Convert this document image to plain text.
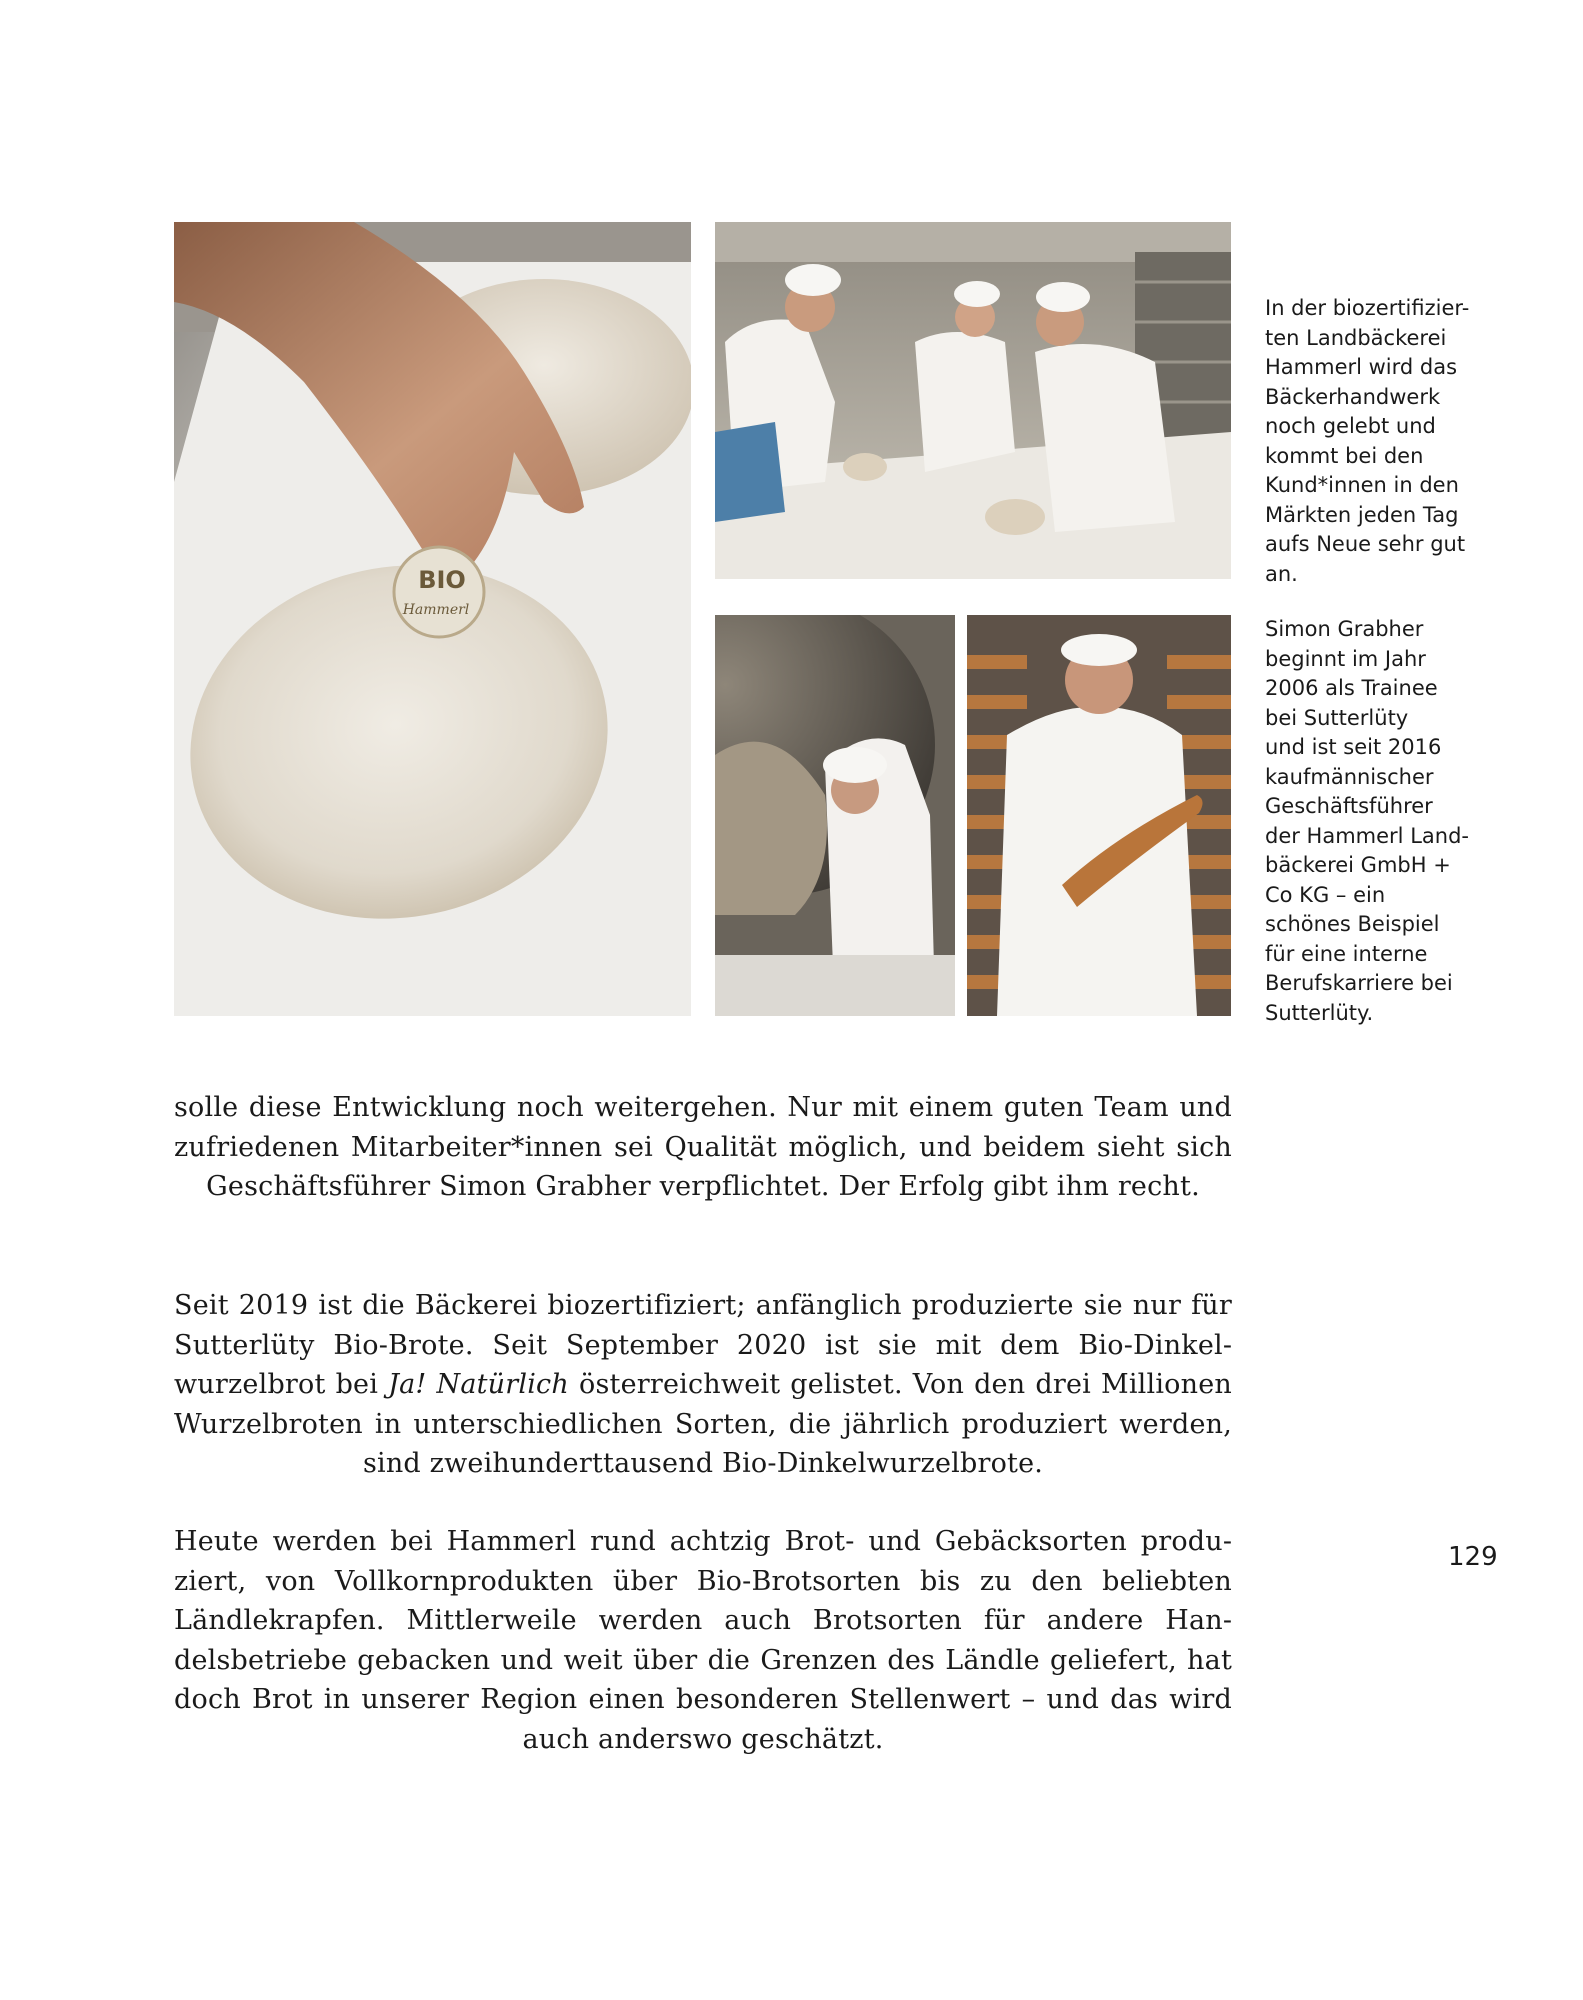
BIO
Hammerl
In der biozertifizier-
ten Landbäckerei
Hammerl wird das
Bäckerhandwerk
noch gelebt und
kommt bei den
Kund*innen in den
Märkten jeden Tag
aufs Neue sehr gut
an.
Simon Grabher
beginnt im Jahr
2006 als Trainee
bei Sutterlüty
und ist seit 2016
kaufmännischer
Geschäftsführer
der Hammerl Land-
bäckerei GmbH +
Co KG – ein
schönes Beispiel
für eine interne
Berufskarriere bei
Sutterlüty.
solle diese Entwicklung noch weitergehen. Nur mit einem guten Team und zufriedenen Mitarbeiter*innen sei Qualität möglich, und beidem sieht sich Geschäftsführer Simon Grabher verpflichtet. Der Erfolg gibt ihm recht.
Seit 2019 ist die Bäckerei biozertifiziert; anfänglich produzierte sie nur für Sutterlüty Bio-Brote. Seit September 2020 ist sie mit dem Bio-Dinkelwurzelbrot bei Ja! Natürlich österreichweit gelistet. Von den drei Millionen Wurzelbroten in unterschiedlichen Sorten, die jährlich produziert werden, sind zweihunderttausend Bio-Dinkelwurzelbrote.
Heute werden bei Hammerl rund achtzig Brot- und Gebäcksorten produziert, von Vollkornprodukten über Bio-Brotsorten bis zu den beliebten Ländlekrapfen. Mittlerweile werden auch Brotsorten für andere Handelsbetriebe gebacken und weit über die Grenzen des Ländle geliefert, hat doch Brot in unserer Region einen besonderen Stellenwert – und das wird auch anderswo geschätzt.
129
